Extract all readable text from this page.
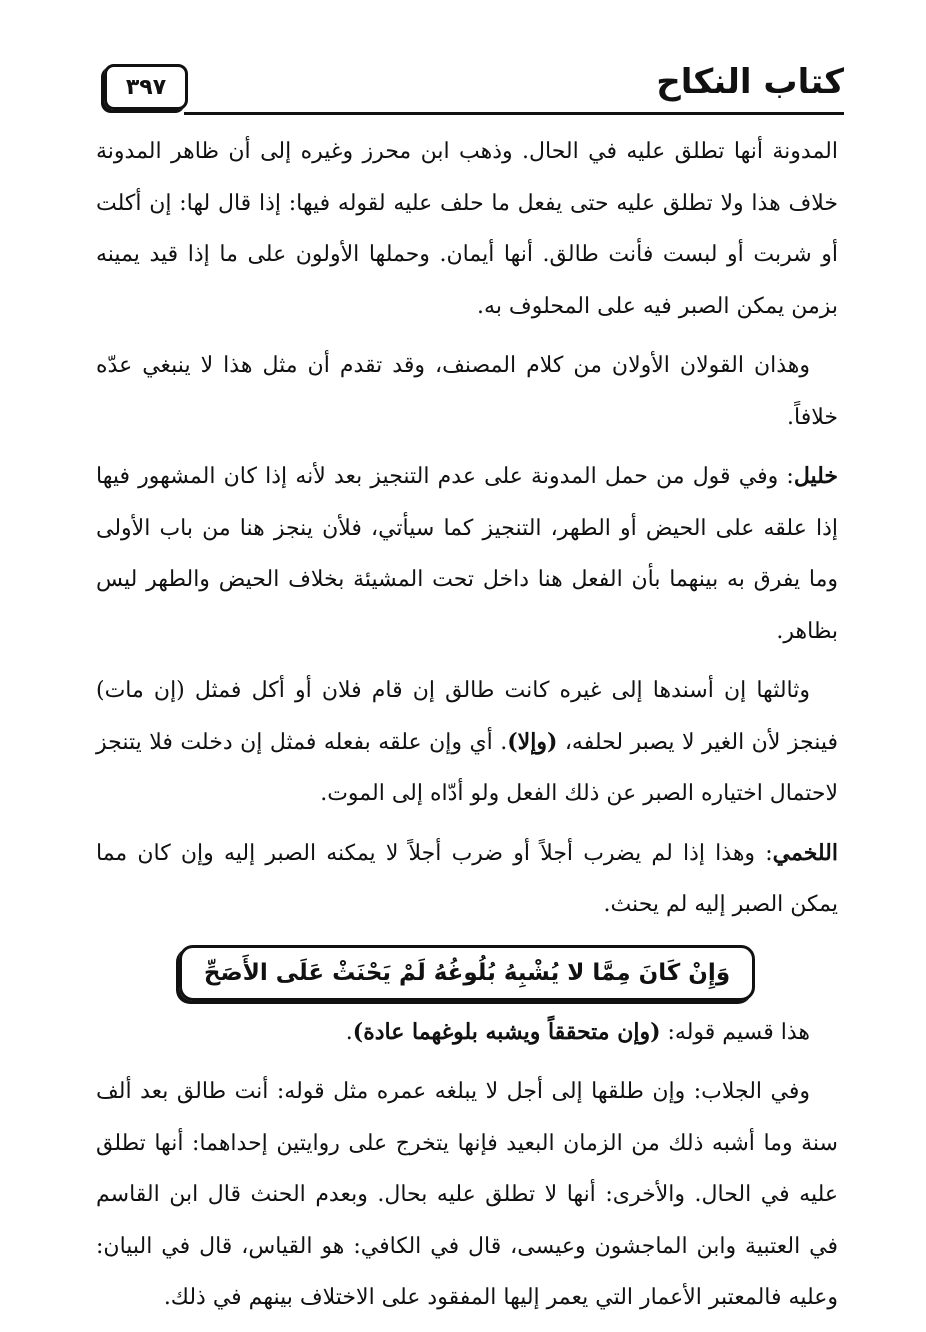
٣٩٧	كتاب النكاح

المدونة أنها تطلق عليه في الحال. وذهب ابن محرز وغيره إلى أن ظاهر المدونة خلاف هذا ولا تطلق عليه حتى يفعل ما حلف عليه لقوله فيها: إذا قال لها: إن أكلت أو شربت أو لبست فأنت طالق. أنها أيمان. وحملها الأولون على ما إذا قيد يمينه بزمن يمكن الصبر فيه على المحلوف به.

وهذان القولان الأولان من كلام المصنف، وقد تقدم أن مثل هذا لا ينبغي عدّه خلافاً.

خليل: وفي قول من حمل المدونة على عدم التنجيز بعد لأنه إذا كان المشهور فيها إذا علقه على الحيض أو الطهر، التنجيز كما سيأتي، فلأن ينجز هنا من باب الأولى وما يفرق به بينهما بأن الفعل هنا داخل تحت المشيئة بخلاف الحيض والطهر ليس بظاهر.

وثالثها إن أسندها إلى غيره كانت طالق إن قام فلان أو أكل فمثل (إن مات) فينجز لأن الغير لا يصبر لحلفه، (وإلا). أي وإن علقه بفعله فمثل إن دخلت فلا يتنجز لاحتمال اختياره الصبر عن ذلك الفعل ولو أدّاه إلى الموت.

اللخمي: وهذا إذا لم يضرب أجلاً أو ضرب أجلاً لا يمكنه الصبر إليه وإن كان مما يمكن الصبر إليه لم يحنث.

وَإِنْ كَانَ مِمَّا لا يُشْبِهُ بُلُوغُهُ لَمْ يَحْنَثْ عَلَى الأَصَحِّ

هذا قسيم قوله: (وإن متحققاً ويشبه بلوغهما عادة).

وفي الجلاب: وإن طلقها إلى أجل لا يبلغه عمره مثل قوله: أنت طالق بعد ألف سنة وما أشبه ذلك من الزمان البعيد فإنها يتخرج على روايتين إحداهما: أنها تطلق عليه في الحال. والأخرى: أنها لا تطلق عليه بحال. وبعدم الحنث قال ابن القاسم في العتبية وابن الماجشون وعيسى، قال في الكافي: هو القياس، قال في البيان: وعليه فالمعتبر الأعمار التي يعمر إليها المفقود على الاختلاف بينهم في ذلك.
